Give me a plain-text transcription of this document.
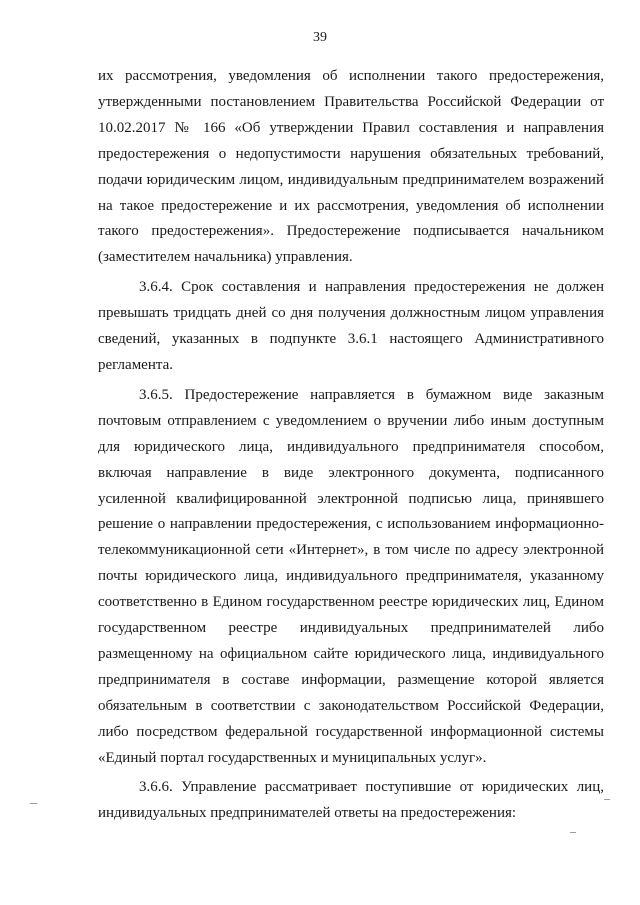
39

их рассмотрения, уведомления об исполнении такого предостережения, утвержденными постановлением Правительства Российской Федерации от 10.02.2017 № 166 «Об утверждении Правил составления и направления предостережения о недопустимости нарушения обязательных требований, подачи юридическим лицом, индивидуальным предпринимателем возражений на такое предостережение и их рассмотрения, уведомления об исполнении такого предостережения». Предостережение подписывается начальником (заместителем начальника) управления.

3.6.4. Срок составления и направления предостережения не должен превышать тридцать дней со дня получения должностным лицом управления сведений, указанных в подпункте 3.6.1 настоящего Административного регламента.

3.6.5. Предостережение направляется в бумажном виде заказным почтовым отправлением с уведомлением о вручении либо иным доступным для юридического лица, индивидуального предпринимателя способом, включая направление в виде электронного документа, подписанного усиленной квалифицированной электронной подписью лица, принявшего решение о направлении предостережения, с использованием информационно-телекоммуникационной сети «Интернет», в том числе по адресу электронной почты юридического лица, индивидуального предпринимателя, указанному соответственно в Едином государственном реестре юридических лиц, Едином государственном реестре индивидуальных предпринимателей либо размещенному на официальном сайте юридического лица, индивидуального предпринимателя в составе информации, размещение которой является обязательным в соответствии с законодательством Российской Федерации, либо посредством федеральной государственной информационной системы «Единый портал государственных и муниципальных услуг».

3.6.6. Управление рассматривает поступившие от юридических лиц, индивидуальных предпринимателей ответы на предостережения:
